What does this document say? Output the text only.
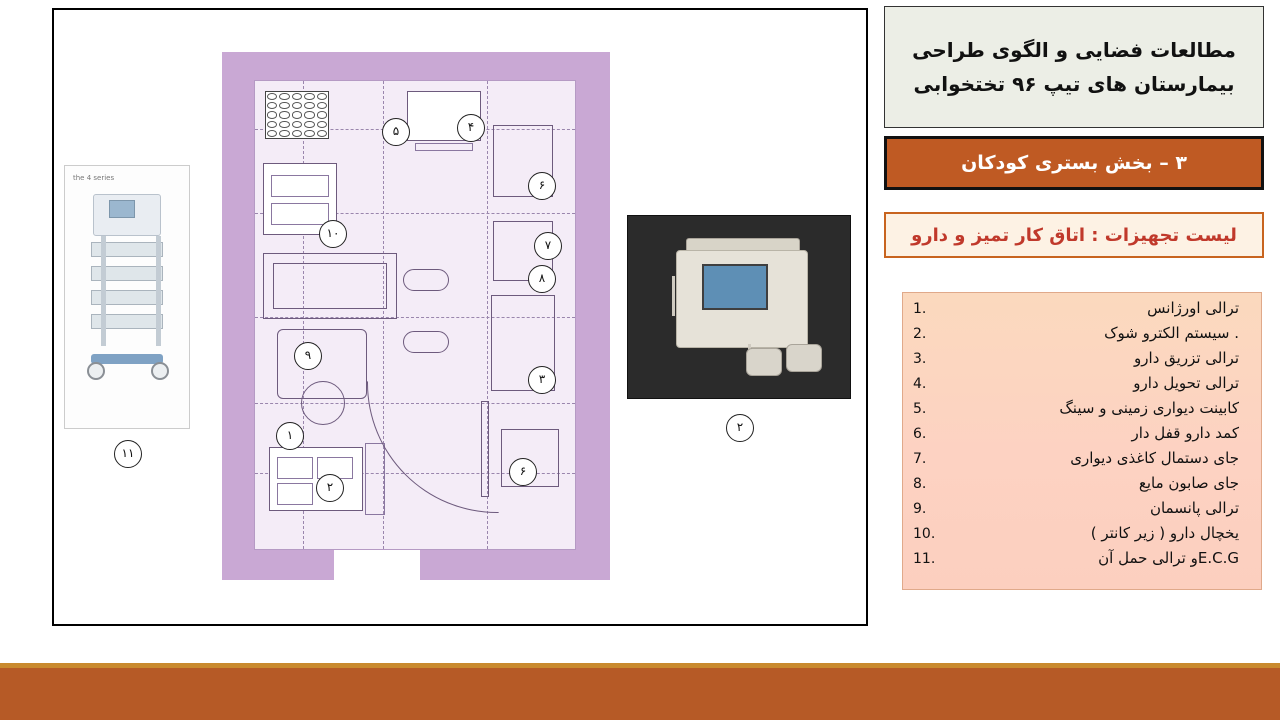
the 4 series
۱۱
۲
۵	۴
۶
۷
۸
۱۰
۹
۳
۱
۲
۶
مطالعات فضایی و الگوی طراحی
بیمارستان های تیپ ۹۶ تختخوابی
۳ – بخش بستری کودکان
لیست تجهیزات : اتاق کار تمیز و دارو
1.	ترالی اورژانس
2.	. سیستم الکترو شوک
3.	ترالی تزریق دارو
4.	ترالی تحویل دارو
5.	کابینت دیواری زمینی و سینگ
6.	کمد دارو قفل دار
7.	جای دستمال کاغذی دیواری
8.	جای صابون مایع
9.	ترالی پانسمان
10.	یخچال دارو ( زیر کانتر )
11.	E.C.Gو ترالی حمل آن
